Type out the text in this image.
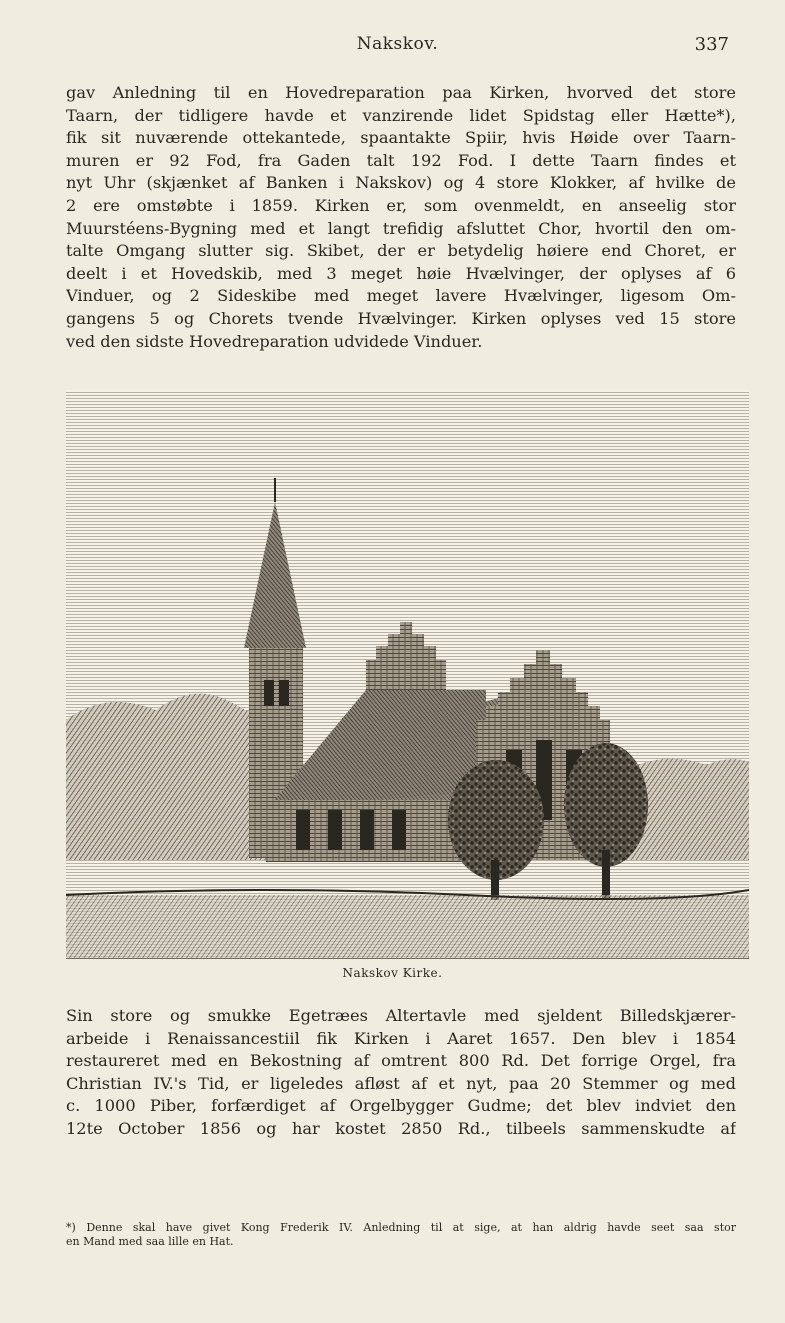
Nakskov.	337
gav Anledning til en Hovedreparation paa Kirken, hvorved det store
Taarn, der tidligere havde et vanzirende lidet Spidstag eller Hætte*),
fik sit nuværende ottekantede, spaantakte Spiir, hvis Høide over Taarn-
muren er 92 Fod, fra Gaden talt 192 Fod. I dette Taarn findes et
nyt Uhr (skjænket af Banken i Nakskov) og 4 store Klokker, af hvilke de
2 ere omstøbte i 1859. Kirken er, som ovenmeldt, en anseelig stor
Muurstéens-Bygning med et langt trefidig afsluttet Chor, hvortil den om-
talte Omgang slutter sig. Skibet, der er betydelig høiere end Choret, er
deelt i et Hovedskib, med 3 meget høie Hvælvinger, der oplyses af 6
Vinduer, og 2 Sideskibe med meget lavere Hvælvinger, ligesom Om-
gangens 5 og Chorets tvende Hvælvinger. Kirken oplyses ved 15 store
ved den sidste Hovedreparation udvidede Vinduer.
Nakskov Kirke.
Sin store og smukke Egetræes Altertavle med sjeldent Billedskjærer-
arbeide i Renaissancestiil fik Kirken i Aaret 1657. Den blev i 1854
restaureret med en Bekostning af omtrent 800 Rd. Det forrige Orgel, fra
Christian IV.'s Tid, er ligeledes afløst af et nyt, paa 20 Stemmer og med
c. 1000 Piber, forfærdiget af Orgelbygger Gudme; det blev indviet den
12te October 1856 og har kostet 2850 Rd., tilbeels sammenskudte af
*) Denne skal have givet Kong Frederik IV. Anledning til at sige, at han aldrig havde seet saa stor
en Mand med saa lille en Hat.
